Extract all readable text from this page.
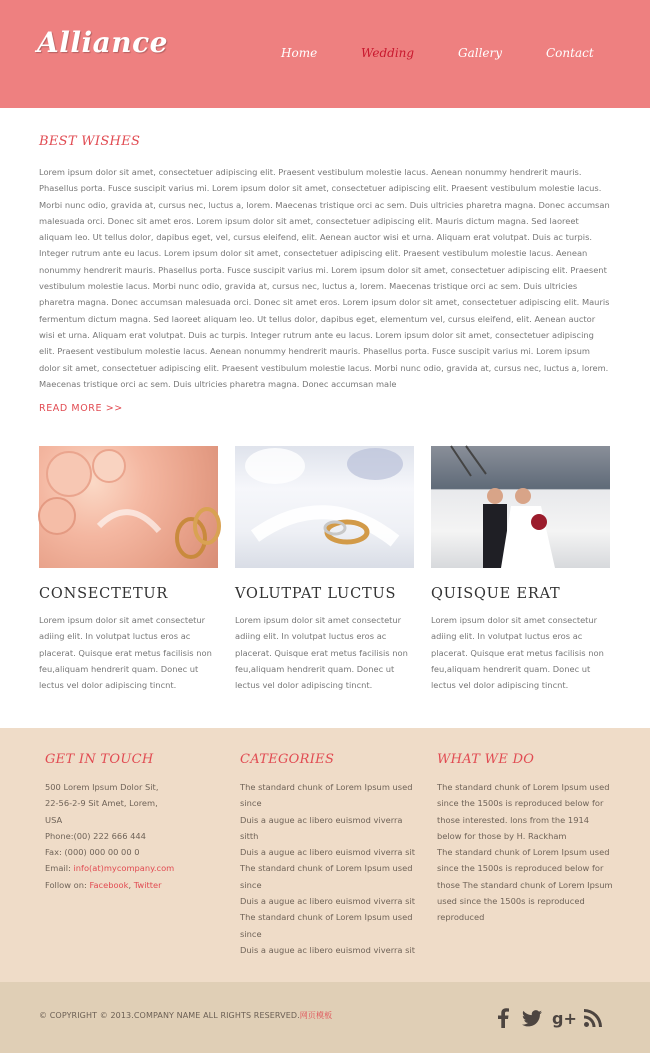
Alliance	Home	Wedding	Gallery	Contact
BEST WISHES

Lorem ipsum dolor sit amet, consectetuer adipiscing elit. Praesent vestibulum molestie lacus. Aenean nonummy hendrerit mauris. Phasellus porta. Fusce suscipit varius mi. Lorem ipsum dolor sit amet, consectetuer adipiscing elit. Praesent vestibulum molestie lacus. Morbi nunc odio, gravida at, cursus nec, luctus a, lorem. Maecenas tristique orci ac sem. Duis ultricies pharetra magna. Donec accumsan malesuada orci. Donec sit amet eros. Lorem ipsum dolor sit amet, consectetuer adipiscing elit. Mauris dictum magna. Sed laoreet aliquam leo. Ut tellus dolor, dapibus eget, vel, cursus eleifend, elit. Aenean auctor wisi et urna. Aliquam erat volutpat. Duis ac turpis. Integer rutrum ante eu lacus. Lorem ipsum dolor sit amet, consectetuer adipiscing elit. Praesent vestibulum molestie lacus. Aenean nonummy hendrerit mauris. Phasellus porta. Fusce suscipit varius mi. Lorem ipsum dolor sit amet, consectetuer adipiscing elit. Praesent vestibulum molestie lacus. Morbi nunc odio, gravida at, cursus nec, luctus a, lorem. Maecenas tristique orci ac sem. Duis ultricies pharetra magna. Donec accumsan malesuada orci. Donec sit amet eros. Lorem ipsum dolor sit amet, consectetuer adipiscing elit. Mauris fermentum dictum magna. Sed laoreet aliquam leo. Ut tellus dolor, dapibus eget, elementum vel, cursus eleifend, elit. Aenean auctor wisi et urna. Aliquam erat volutpat. Duis ac turpis. Integer rutrum ante eu lacus. Lorem ipsum dolor sit amet, consectetuer adipiscing elit. Praesent vestibulum molestie lacus. Aenean nonummy hendrerit mauris. Phasellus porta. Fusce suscipit varius mi. Lorem ipsum dolor sit amet, consectetuer adipiscing elit. Praesent vestibulum molestie lacus. Morbi nunc odio, gravida at, cursus nec, luctus a, lorem. Maecenas tristique orci ac sem. Duis ultricies pharetra magna. Donec accumsan male

READ MORE >>
CONSECTETUR

Lorem ipsum dolor sit amet consectetur adiing elit. In volutpat luctus eros ac placerat. Quisque erat metus facilisis non feu,aliquam hendrerit quam. Donec ut lectus vel dolor adipiscing tincnt.

VOLUTPAT LUCTUS

Lorem ipsum dolor sit amet consectetur adiing elit. In volutpat luctus eros ac placerat. Quisque erat metus facilisis non feu,aliquam hendrerit quam. Donec ut lectus vel dolor adipiscing tincnt.

QUISQUE ERAT

Lorem ipsum dolor sit amet consectetur adiing elit. In volutpat luctus eros ac placerat. Quisque erat metus facilisis non feu,aliquam hendrerit quam. Donec ut lectus vel dolor adipiscing tincnt.

GET IN TOUCH
500 Lorem Ipsum Dolor Sit,
22-56-2-9 Sit Amet, Lorem,
USA
Phone:(00) 222 666 444
Fax: (000) 000 00 00 0
Email: info(at)mycompany.com
Follow on: Facebook, Twitter
CATEGORIES
The standard chunk of Lorem Ipsum used
since
Duis a augue ac libero euismod viverra
sitth
Duis a augue ac libero euismod viverra sit
The standard chunk of Lorem Ipsum used
since
Duis a augue ac libero euismod viverra sit
The standard chunk of Lorem Ipsum used
since
Duis a augue ac libero euismod viverra sit
WHAT WE DO
The standard chunk of Lorem Ipsum used
since the 1500s is reproduced below for
those interested. lons from the 1914
below for those by H. Rackham
The standard chunk of Lorem Ipsum used
since the 1500s is reproduced below for
those The standard chunk of Lorem Ipsum
used since the 1500s is reproduced
reproduced
© COPYRIGHT © 2013.COMPANY NAME ALL RIGHTS RESERVED.网页模板	g+
